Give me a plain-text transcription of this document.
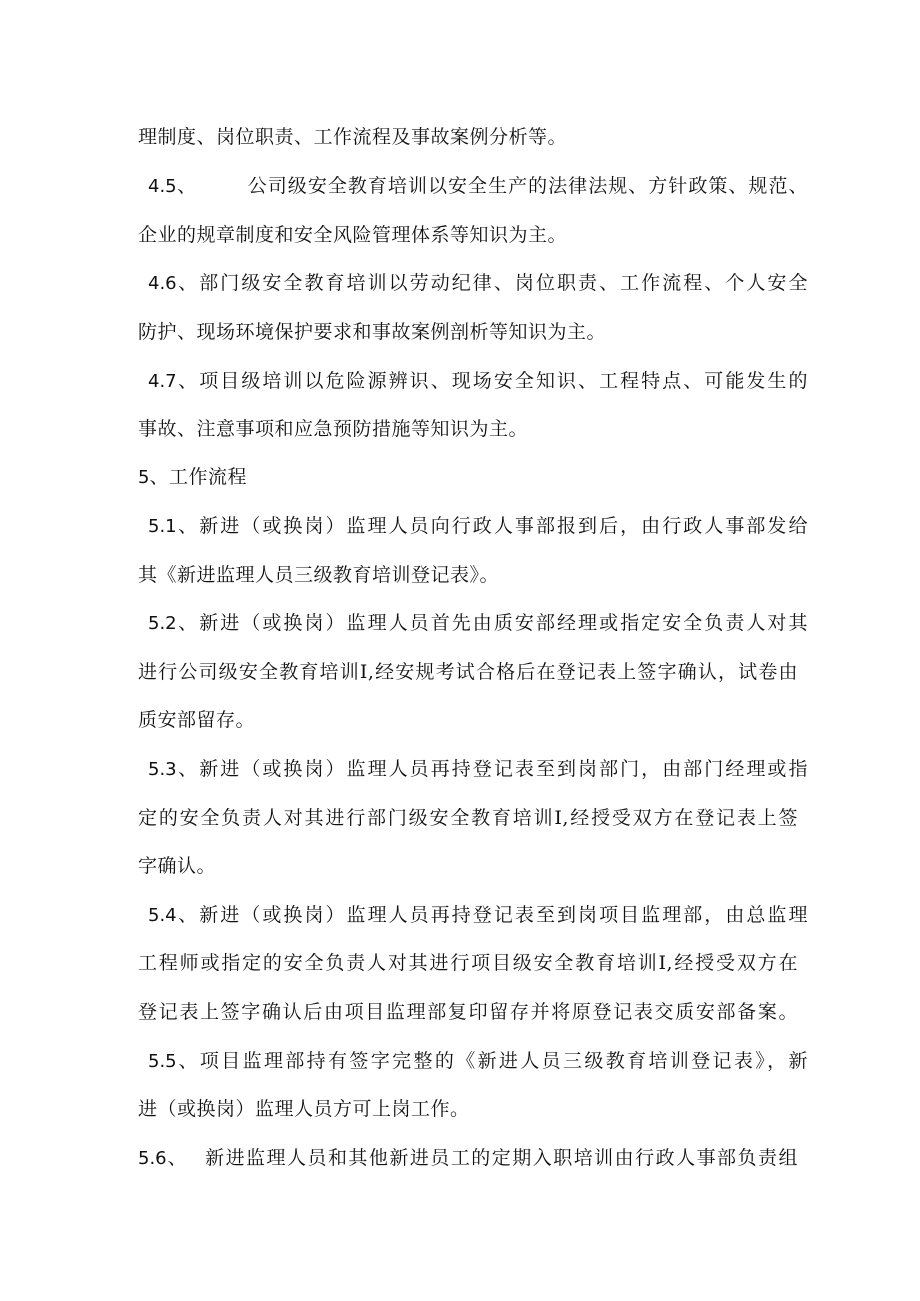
理制度、岗位职责、工作流程及事故案例分析等。
4.5、	公司级安全教育培训以安全生产的法律法规、方针政策、规范、
企业的规章制度和安全风险管理体系等知识为主。
4.6、部门级安全教育培训以劳动纪律、岗位职责、工作流程、个人安全
防护、现场环境保护要求和事故案例剖析等知识为主。
4.7、项目级培训以危险源辨识、现场安全知识、工程特点、可能发生的
事故、注意事项和应急预防措施等知识为主。
5、工作流程
5.1、新进（或换岗）监理人员向行政人事部报到后，由行政人事部发给
其《新进监理人员三级教育培训登记表》。
5.2、新进（或换岗）监理人员首先由质安部经理或指定安全负责人对其
进行公司级安全教育培训I,经安规考试合格后在登记表上签字确认，试卷由
质安部留存。
5.3、新进（或换岗）监理人员再持登记表至到岗部门，由部门经理或指
定的安全负责人对其进行部门级安全教育培训I,经授受双方在登记表上签
字确认。
5.4、新进（或换岗）监理人员再持登记表至到岗项目监理部，由总监理
工程师或指定的安全负责人对其进行项目级安全教育培训I,经授受双方在
登记表上签字确认后由项目监理部复印留存并将原登记表交质安部备案。
5.5、项目监理部持有签字完整的《新进人员三级教育培训登记表》，新
进（或换岗）监理人员方可上岗工作。
5.6、 新进监理人员和其他新进员工的定期入职培训由行政人事部负责组
